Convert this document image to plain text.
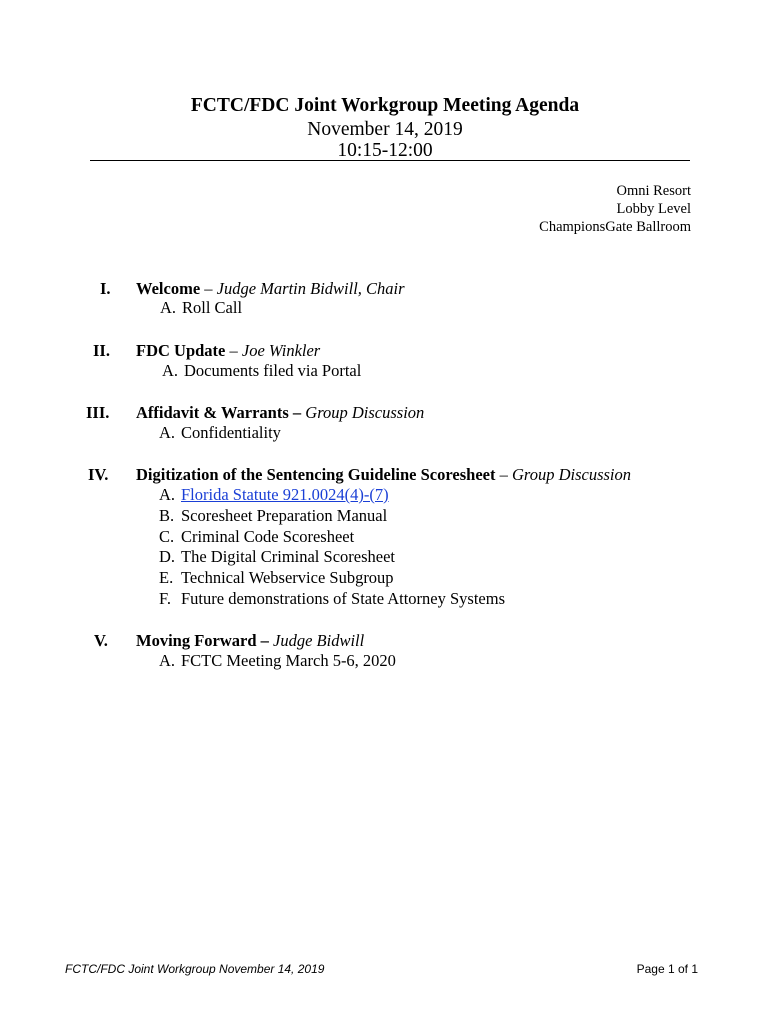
FCTC/FDC Joint Workgroup Meeting Agenda
November 14, 2019
10:15-12:00
Omni Resort
Lobby Level
ChampionsGate Ballroom
I. Welcome – Judge Martin Bidwill, Chair
A. Roll Call
II. FDC Update – Joe Winkler
A. Documents filed via Portal
III. Affidavit & Warrants – Group Discussion
A. Confidentiality
IV. Digitization of the Sentencing Guideline Scoresheet – Group Discussion
A. Florida Statute 921.0024(4)-(7)
B. Scoresheet Preparation Manual
C. Criminal Code Scoresheet
D. The Digital Criminal Scoresheet
E. Technical Webservice Subgroup
F. Future demonstrations of State Attorney Systems
V. Moving Forward – Judge Bidwill
A. FCTC Meeting March 5-6, 2020
FCTC/FDC Joint Workgroup November 14, 2019	Page 1 of 1
